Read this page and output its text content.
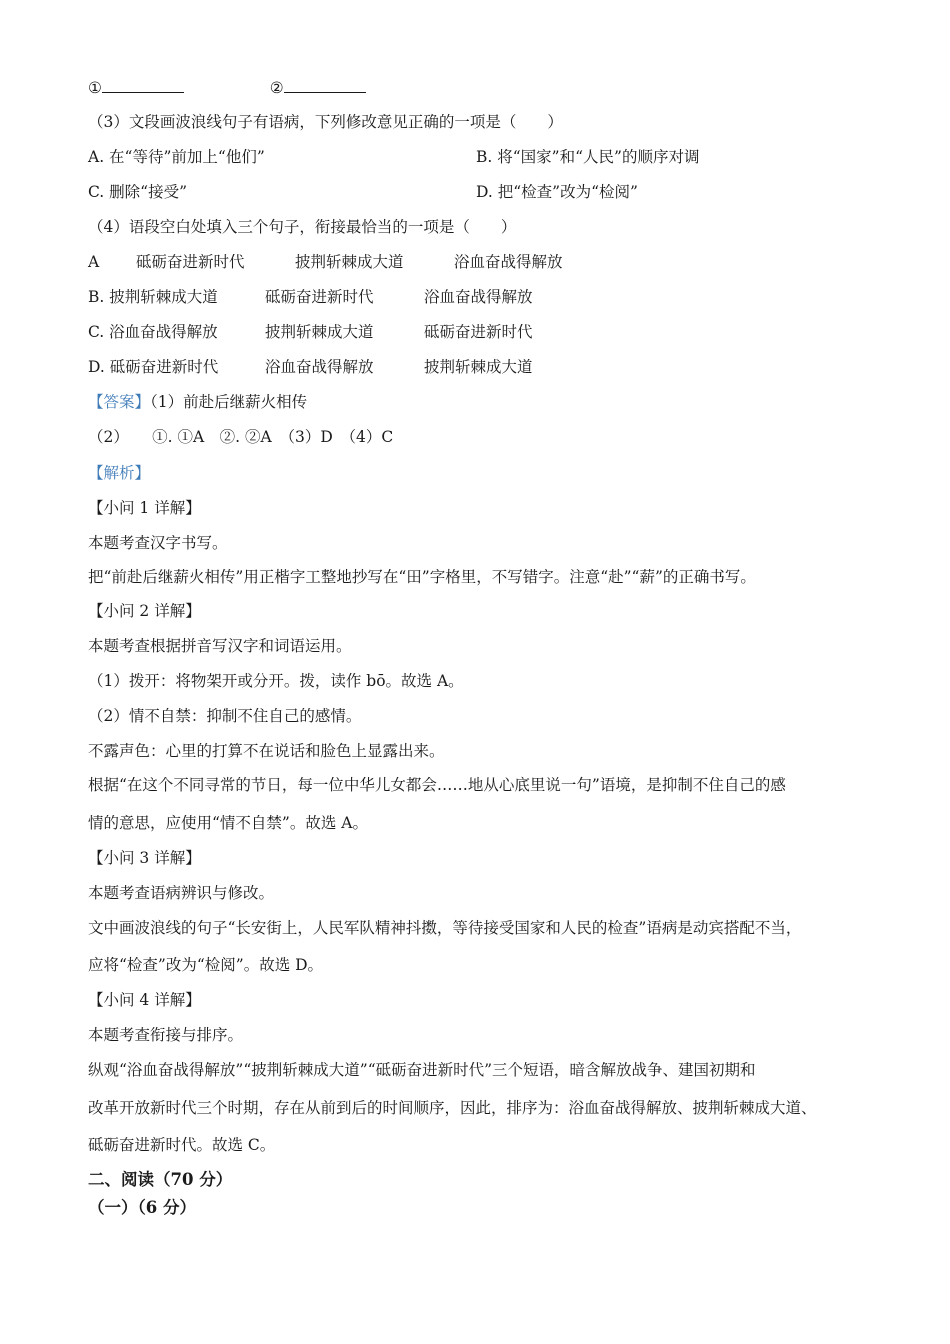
①	②
（3）文段画波浪线句子有语病，下列修改意见正确的一项是（　　）
A. 在“等待”前加上“他们”	B. 将“国家”和“人民”的顺序对调
C. 删除“接受”	D. 把“检查”改为“检阅”
（4）语段空白处填入三个句子，衔接最恰当的一项是（　　）
A 砥砺奋进新时代	披荆斩棘成大道	浴血奋战得解放
B. 披荆斩棘成大道	砥砺奋进新时代	浴血奋战得解放
C. 浴血奋战得解放	披荆斩棘成大道	砥砺奋进新时代
D. 砥砺奋进新时代	浴血奋战得解放	披荆斩棘成大道
【答案】（1）前赴后继薪火相传
（2）　　①. ①A　②. ②A　（3）D　（4）C
【解析】
【小问 1 详解】
本题考查汉字书写。
把“前赴后继薪火相传”用正楷字工整地抄写在“田”字格里，不写错字。注意“赴”“薪”的正确书写。
【小问 2 详解】
本题考查根据拼音写汉字和词语运用。
（1）拨开：将物架开或分开。拨，读作 bō。故选 A。
（2）情不自禁：抑制不住自己的感情。
不露声色：心里的打算不在说话和脸色上显露出来。
根据“在这个不同寻常的节日，每一位中华儿女都会……地从心底里说一句”语境，是抑制不住自己的感
情的意思，应使用“情不自禁”。故选 A。
【小问 3 详解】
本题考查语病辨识与修改。
文中画波浪线的句子“长安街上，人民军队精神抖擞，等待接受国家和人民的检查”语病是动宾搭配不当，
应将“检查”改为“检阅”。故选 D。
【小问 4 详解】
本题考查衔接与排序。
纵观“浴血奋战得解放”“披荆斩棘成大道”“砥砺奋进新时代”三个短语，暗含解放战争、建国初期和
改革开放新时代三个时期，存在从前到后的时间顺序，因此，排序为：浴血奋战得解放、披荆斩棘成大道、
砥砺奋进新时代。故选 C。
二、阅读（70 分）
（一）（6 分）
